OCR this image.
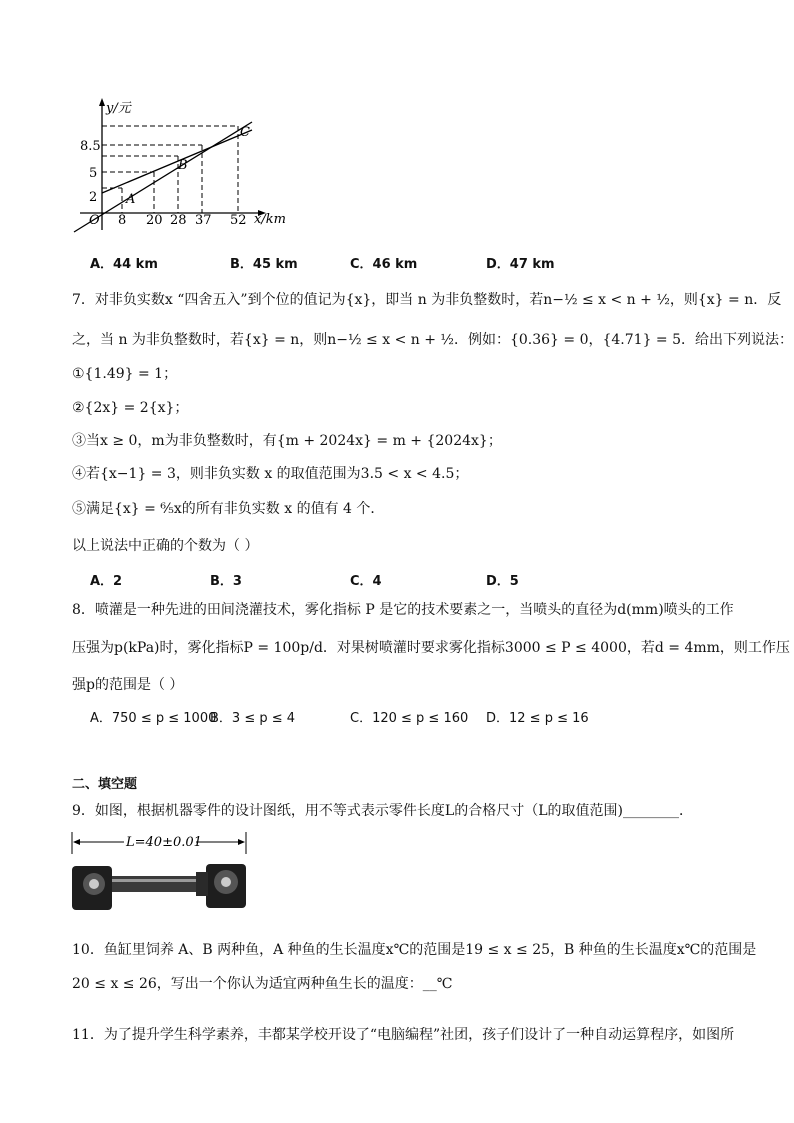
y/元
x/km
O
8.5
5
2
8 20 28 37 52
A
B
C
A．44 km	B．45 km	C．46 km	D．47 km
7．对非负实数x “四舍五入”到个位的值记为{x}，即当 n 为非负整数时，若n−½ ≤ x < n + ½，则{x} = n．反
之，当 n 为非负整数时，若{x} = n，则n−½ ≤ x < n + ½．例如：{0.36} = 0，{4.71} = 5．给出下列说法：
①{1.49} = 1；
②{2x} = 2{x}；
③当x ≥ 0，m为非负整数时，有{m + 2024x} = m + {2024x}；
④若{x−1} = 3，则非负实数 x 的取值范围为3.5 < x < 4.5；
⑤满足{x} = ⁶⁄₅x的所有非负实数 x 的值有 4 个．
以上说法中正确的个数为（ ）
A．2	B．3	C．4	D．5
8．喷灌是一种先进的田间浇灌技术，雾化指标 P 是它的技术要素之一，当喷头的直径为d(mm)喷头的工作
压强为p(kPa)时，雾化指标P = 100p/d．对果树喷灌时要求雾化指标3000 ≤ P ≤ 4000，若d = 4mm，则工作压
强p的范围是（ ）
A．750 ≤ p ≤ 1000
B．3 ≤ p ≤ 4	C．120 ≤ p ≤ 160 D．12 ≤ p ≤ 16
二、填空题
9．如图，根据机器零件的设计图纸，用不等式表示零件长度L的合格尺寸（L的取值范围)________．
L=40±0.01
10．鱼缸里饲养 A、B 两种鱼，A 种鱼的生长温度x℃的范围是19 ≤ x ≤ 25，B 种鱼的生长温度x℃的范围是
20 ≤ x ≤ 26，写出一个你认为适宜两种鱼生长的温度：__℃
11．为了提升学生科学素养，丰都某学校开设了“电脑编程”社团，孩子们设计了一种自动运算程序，如图所
